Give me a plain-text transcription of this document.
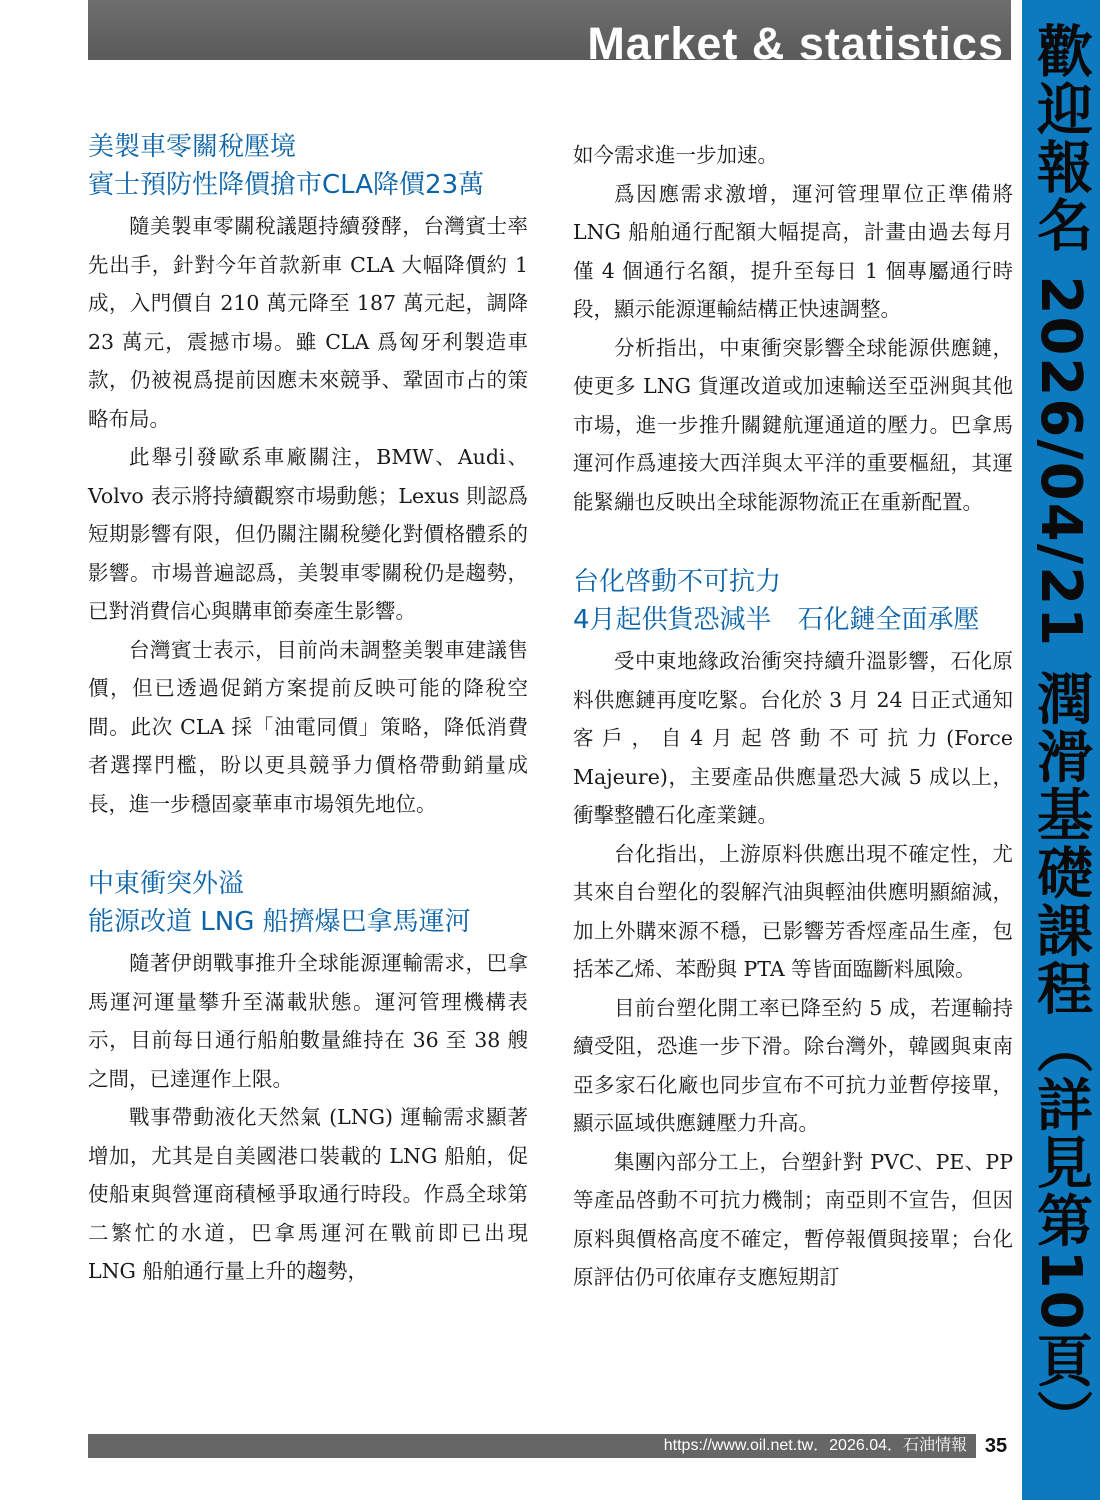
Market & statistics 歡迎報名 2026/04/21 潤滑基礎課程（詳見第10頁）
美製車零關稅壓境
賓士預防性降價搶市CLA降價23萬

隨美製車零關稅議題持續發酵，台灣賓士率先出手，針對今年首款新車 CLA 大幅降價約 1 成，入門價自 210 萬元降至 187 萬元起，調降 23 萬元，震撼市場。雖 CLA 爲匈牙利製造車款，仍被視爲提前因應未來競爭、鞏固市占的策略布局。

此舉引發歐系車廠關注，BMW、Audi、Volvo 表示將持續觀察市場動態；Lexus 則認爲短期影響有限，但仍關注關稅變化對價格體系的影響。市場普遍認爲，美製車零關稅仍是趨勢，已對消費信心與購車節奏產生影響。

台灣賓士表示，目前尚未調整美製車建議售價，但已透過促銷方案提前反映可能的降稅空間。此次 CLA 採「油電同價」策略，降低消費者選擇門檻，盼以更具競爭力價格帶動銷量成長，進一步穩固豪華車市場領先地位。

中東衝突外溢
能源改道 LNG 船擠爆巴拿馬運河

隨著伊朗戰事推升全球能源運輸需求，巴拿馬運河運量攀升至滿載狀態。運河管理機構表示，目前每日通行船舶數量維持在 36 至 38 艘之間，已達運作上限。

戰事帶動液化天然氣 (LNG) 運輸需求顯著增加，尤其是自美國港口裝載的 LNG 船舶，促使船東與營運商積極爭取通行時段。作爲全球第二繁忙的水道，巴拿馬運河在戰前即已出現 LNG 船舶通行量上升的趨勢，

如今需求進一步加速。

爲因應需求激增，運河管理單位正準備將 LNG 船舶通行配額大幅提高，計畫由過去每月僅 4 個通行名額，提升至每日 1 個專屬通行時段，顯示能源運輸結構正快速調整。

分析指出，中東衝突影響全球能源供應鏈，使更多 LNG 貨運改道或加速輸送至亞洲與其他市場，進一步推升關鍵航運通道的壓力。巴拿馬運河作爲連接大西洋與太平洋的重要樞紐，其運能緊繃也反映出全球能源物流正在重新配置。

台化啓動不可抗力
4月起供貨恐減半　石化鏈全面承壓

受中東地緣政治衝突持續升溫影響，石化原料供應鏈再度吃緊。台化於 3 月 24 日正式通知客戶，自4月起啓動不可抗力(Force Majeure)，主要產品供應量恐大減 5 成以上，衝擊整體石化產業鏈。

台化指出，上游原料供應出現不確定性，尤其來自台塑化的裂解汽油與輕油供應明顯縮減，加上外購來源不穩，已影響芳香烴產品生產，包括苯乙烯、苯酚與 PTA 等皆面臨斷料風險。

目前台塑化開工率已降至約 5 成，若運輸持續受阻，恐進一步下滑。除台灣外，韓國與東南亞多家石化廠也同步宣布不可抗力並暫停接單，顯示區域供應鏈壓力升高。

集團內部分工上，台塑針對 PVC、PE、PP 等產品啓動不可抗力機制；南亞則不宣告，但因原料與價格高度不確定，暫停報價與接單；台化原評估仍可依庫存支應短期訂

https://www.oil.net.tw．2026.04．石油情報 35
